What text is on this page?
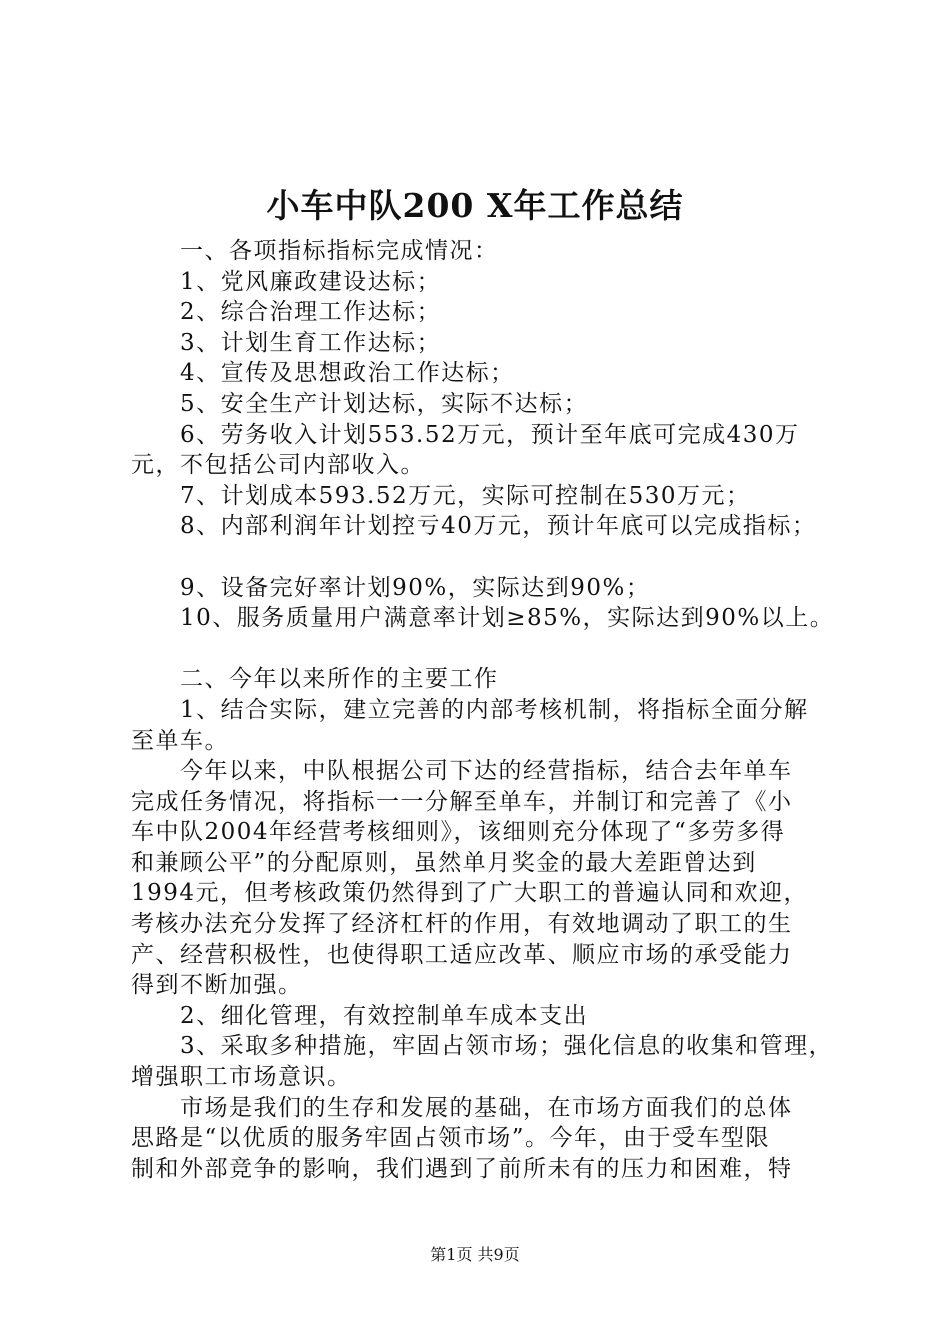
小车中队200 X年工作总结
一、各项指标指标完成情况：
1、党风廉政建设达标；
2、综合治理工作达标；
3、计划生育工作达标；
4、宣传及思想政治工作达标；
5、安全生产计划达标，实际不达标；
6、劳务收入计划553.52万元，预计至年底可完成430万
元，不包括公司内部收入。
7、计划成本593.52万元，实际可控制在530万元；
8、内部利润年计划控亏40万元，预计年底可以完成指标；
9、设备完好率计划90%，实际达到90%；
10、服务质量用户满意率计划≥85%，实际达到90%以上。
二、今年以来所作的主要工作
1、结合实际，建立完善的内部考核机制，将指标全面分解
至单车。
今年以来，中队根据公司下达的经营指标，结合去年单车
完成任务情况，将指标一一分解至单车，并制订和完善了《小
车中队2004年经营考核细则》，该细则充分体现了“多劳多得
和兼顾公平”的分配原则，虽然单月奖金的最大差距曾达到
1994元，但考核政策仍然得到了广大职工的普遍认同和欢迎，
考核办法充分发挥了经济杠杆的作用，有效地调动了职工的生
产、经营积极性，也使得职工适应改革、顺应市场的承受能力
得到不断加强。
2、细化管理，有效控制单车成本支出
3、采取多种措施，牢固占领市场；强化信息的收集和管理，
增强职工市场意识。
市场是我们的生存和发展的基础，在市场方面我们的总体
思路是“以优质的服务牢固占领市场”。今年，由于受车型限
制和外部竞争的影响，我们遇到了前所未有的压力和困难，特
第1页 共9页
